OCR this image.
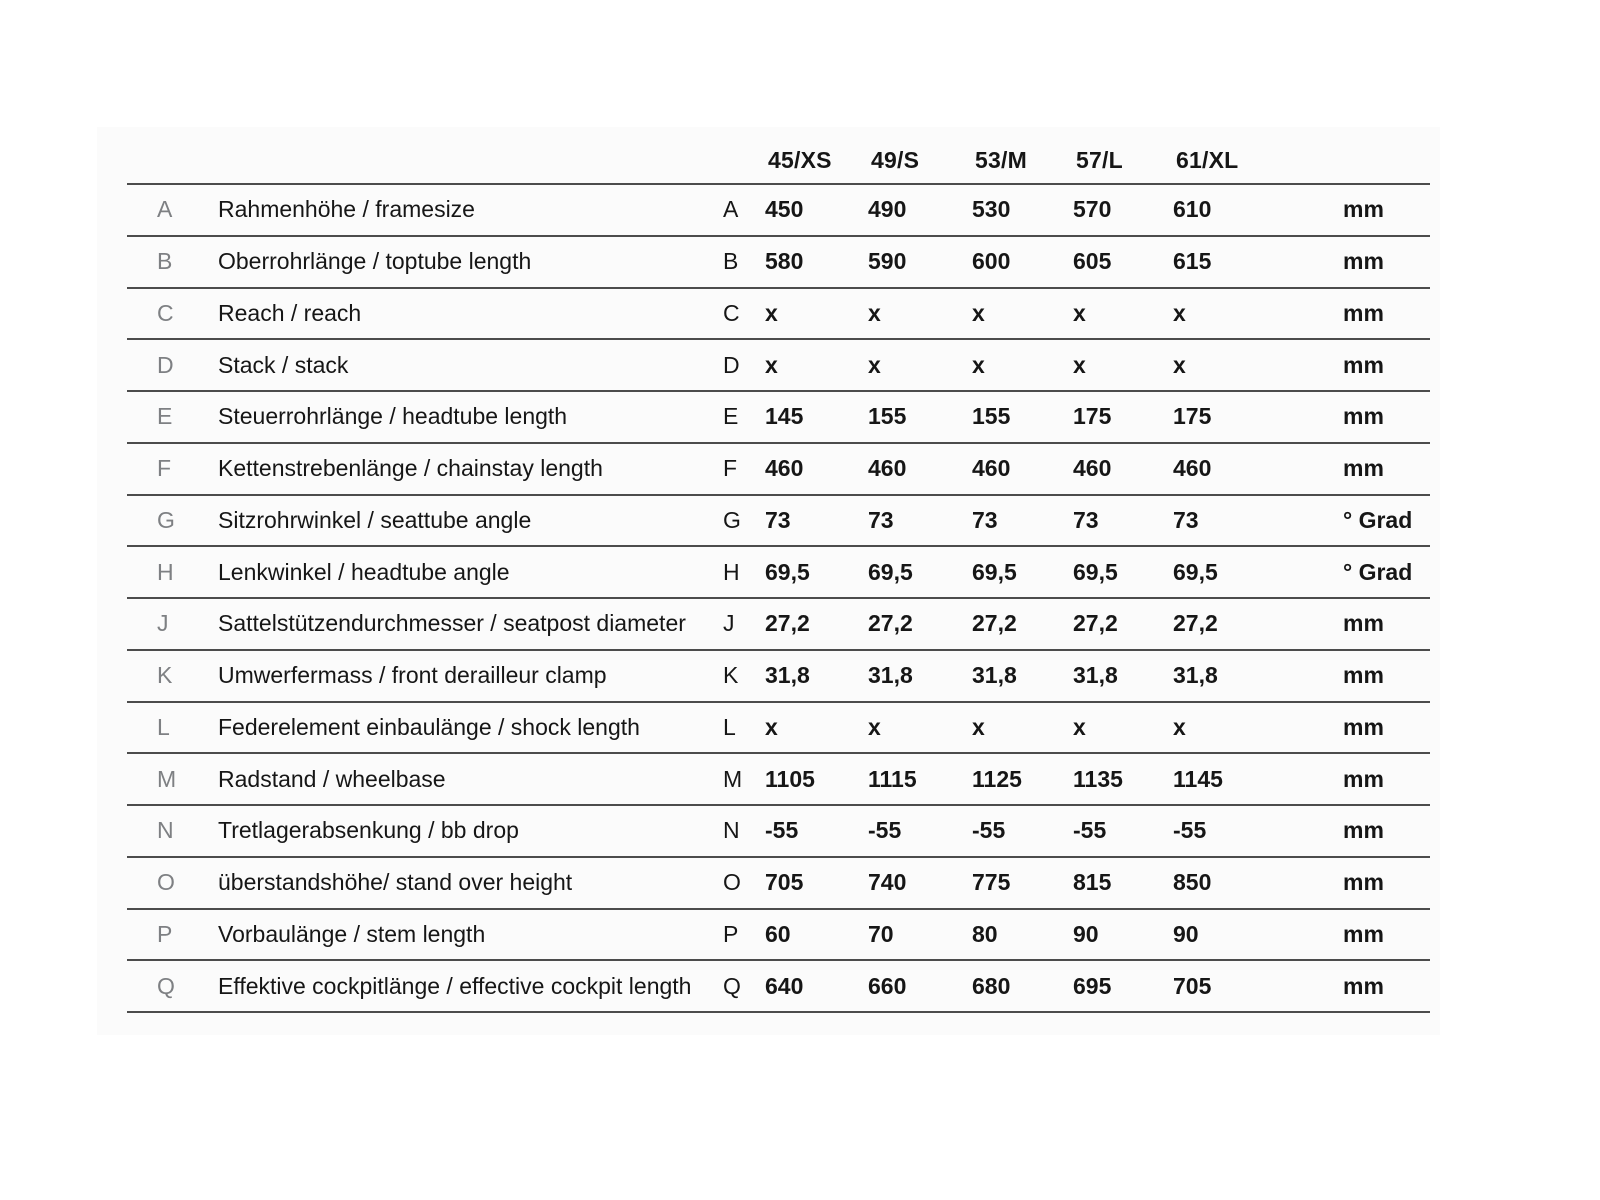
45/XS	49/S	53/M	57/L	61/XL
A	Rahmenhöhe / framesize	A	450	490	530	570	610	mm
B	Oberrohrlänge / toptube length	B	580	590	600	605	615	mm
C	Reach / reach	C	x	x	x	x	x	mm
D	Stack / stack	D	x	x	x	x	x	mm
E	Steuerrohrlänge / headtube length	E	145	155	155	175	175	mm
F	Kettenstrebenlänge / chainstay length	F	460	460	460	460	460	mm
G	Sitzrohrwinkel / seattube angle	G	73	73	73	73	73	° Grad
H	Lenkwinkel / headtube angle	H	69,5	69,5	69,5	69,5	69,5	° Grad
J	Sattelstützendurchmesser / seatpost diameter	J	27,2	27,2	27,2	27,2	27,2	mm
K	Umwerfermass / front derailleur clamp	K	31,8	31,8	31,8	31,8	31,8	mm
L	Federelement einbaulänge / shock length	L	x	x	x	x	x	mm
M	Radstand / wheelbase	M 1105	1115	1125	1135	1145	mm
N	Tretlagerabsenkung / bb drop	N	-55	-55	-55	-55	-55	mm
O	überstandshöhe/ stand over height	O	705	740	775	815	850	mm
P	Vorbaulänge / stem length	P	60	70	80	90	90	mm
Q	Effektive cockpitlänge / effective cockpit length	Q	640	660	680	695	705	mm
